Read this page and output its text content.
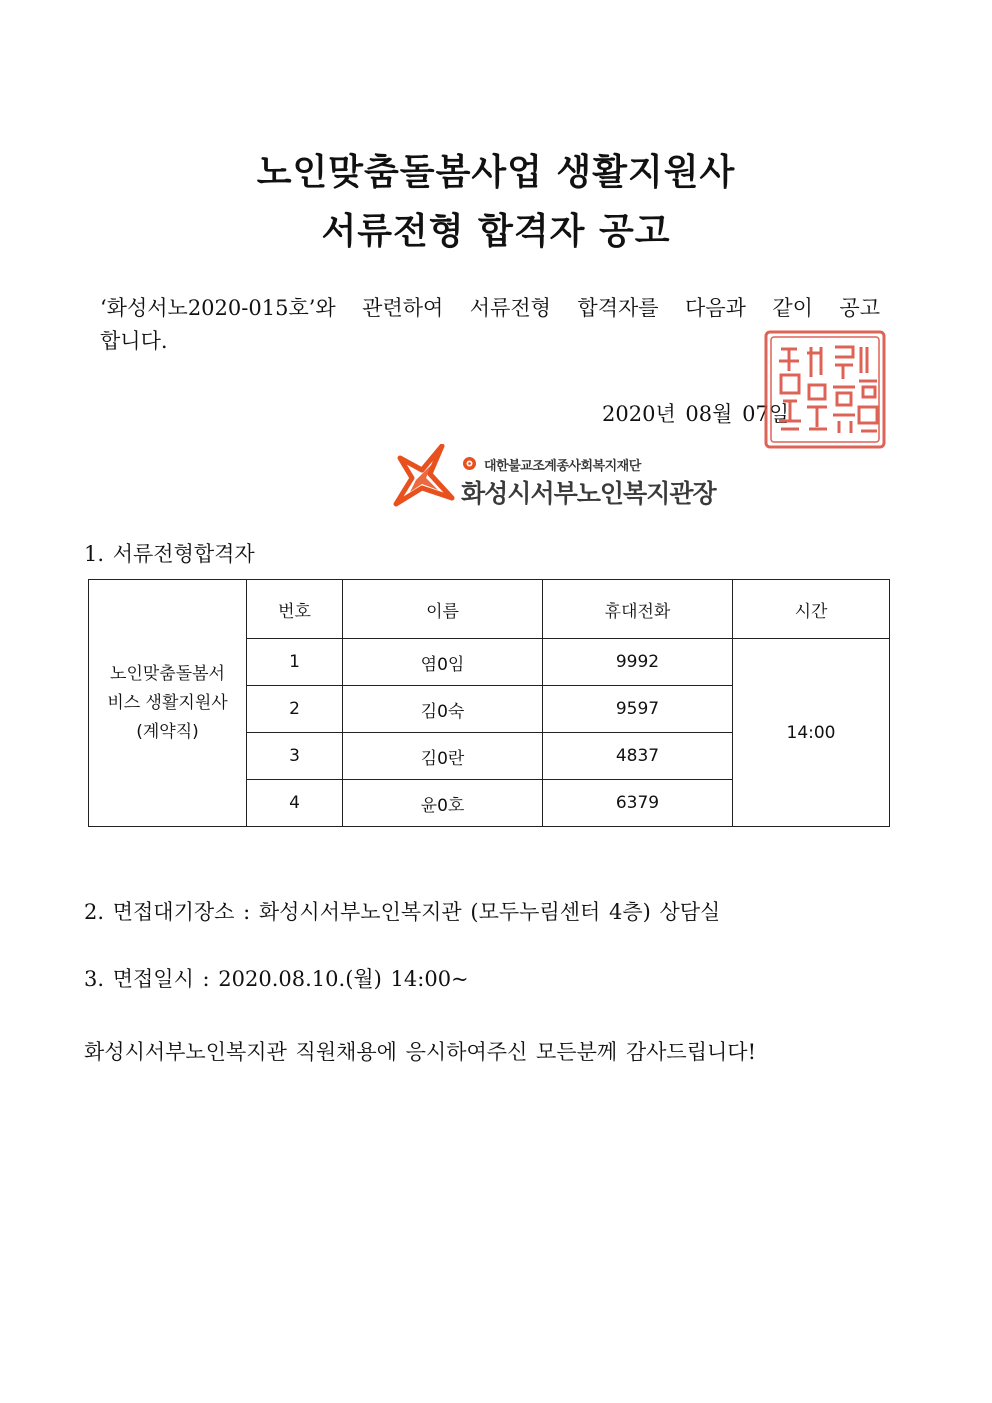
노인맞춤돌봄사업 생활지원사
서류전형 합격자 공고
‘화성서노2020-015호’와 관련하여 서류전형 합격자를 다음과 같이 공고
합니다.
2020년 08월 07일
대한불교조계종사회복지재단
화성시서부노인복지관장
1. 서류전형합격자
노인맞춤돌봄서
비스 생활지원사
(계약직)	번호	이름	휴대전화	시간
	1	염0임	9992	14:00
	2	김0숙	9597	
	3	김0란	4837	
	4	윤0호	6379	
2. 면접대기장소 : 화성시서부노인복지관 (모두누림센터 4층) 상담실
3. 면접일시 : 2020.08.10.(월) 14:00~
화성시서부노인복지관 직원채용에 응시하여주신 모든분께 감사드립니다!
